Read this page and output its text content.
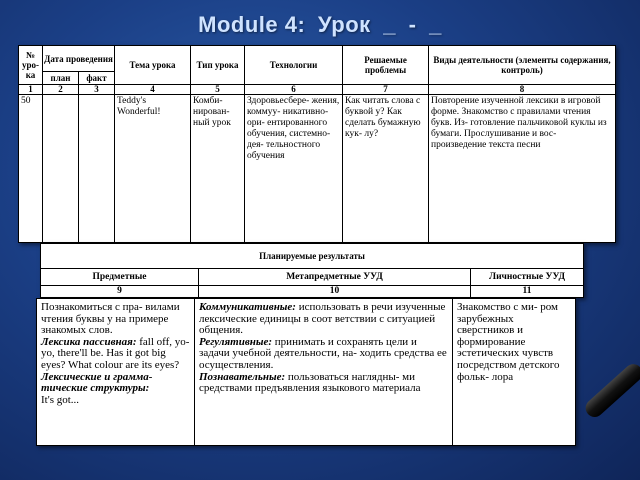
Module 4: Урок _ - _
№ уро- ка	Дата проведения		Тема урока	Тип урока	Технологии	Решаемые проблемы	Виды деятельности (элементы содержания, контроль)
	план	факт					
1	2	3	4	5	6	7	8
50			Teddy's Wonderful!	Комби- нирован- ный урок	Здоровьесбере- жения, коммуу- никативно-ори- ентированного обучения, системно-дея- тельностного обучения	Как читать слова с буквой y? Как сделать бумажную кук- лу?	Повторение изученной лексики в игровой форме. Знакомство с правилами чтения букв. Из- готовление пальчиковой куклы из бумаги. Прослушивание и вос- произведение текста песни
Планируемые результаты		
Предметные	Метапредметные УУД	Личностные УУД
9	10	11
Познакомиться с пра- вилами чтения буквы y на примере знакомых слов.
Лексика пассивная: fall off, yo-yo, there'll be. Has it got big eyes? What colour are its eyes?
Лексические и грамма- тические структуры:
It's got...	Коммуникативные: использовать в речи изученные лексические единицы в соот ветствии с ситуацией общения.
Регулятивные: принимать и сохранять цели и задачи учебной деятельности, на- ходить средства ее осуществления.
Познавательные: пользоваться наглядны- ми средствами предъявления языкового материала	Знакомство с ми- ром зарубежных сверстников и формирование эстетических чувств посредством детского фольк- лора
